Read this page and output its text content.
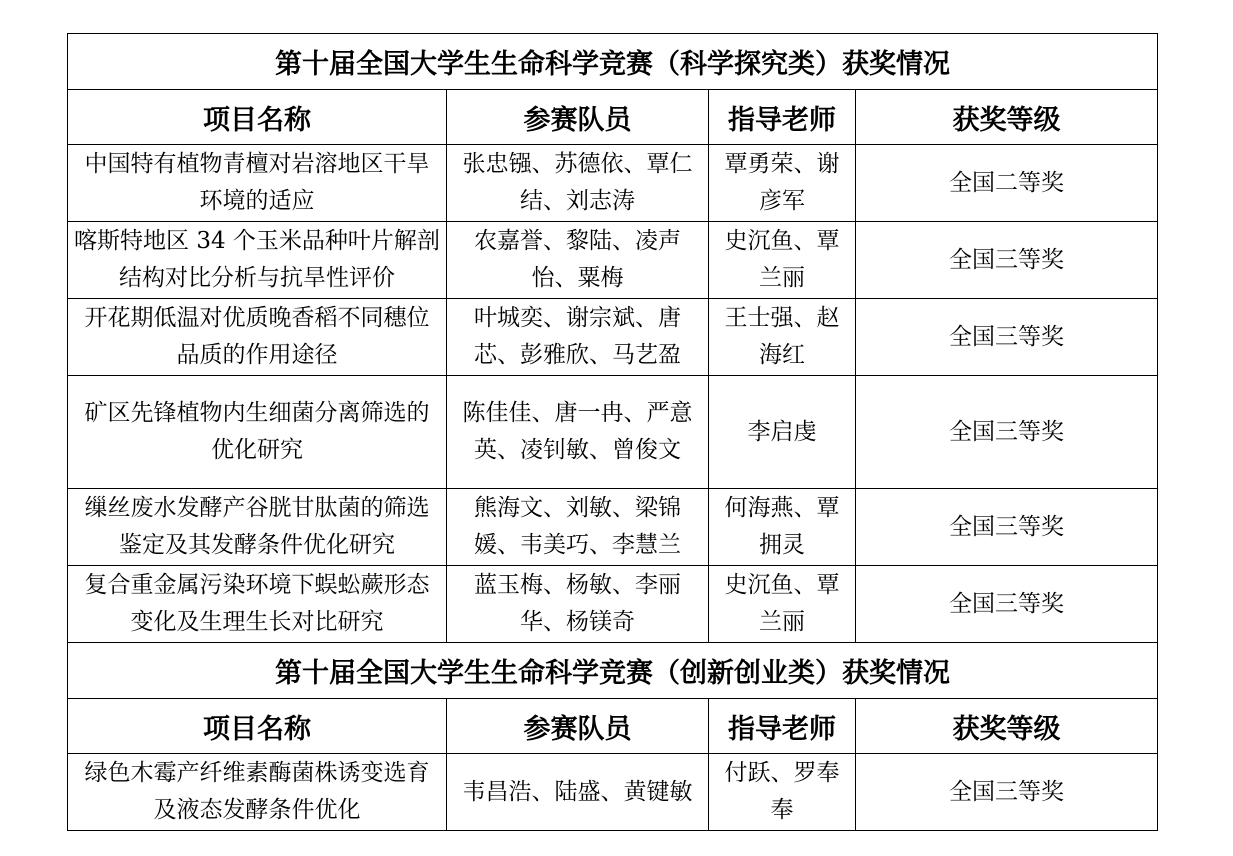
第十届全国大学生生命科学竞赛（科学探究类）获奖情况			
项目名称	参赛队员	指导老师	获奖等级
中国特有植物青檀对岩溶地区干旱环境的适应	张忠镪、苏德依、覃仁结、刘志涛	覃勇荣、谢彦军	全国二等奖
喀斯特地区 34 个玉米品种叶片解剖结构对比分析与抗旱性评价	农嘉誉、黎陆、凌声怡、粟梅	史沉鱼、覃兰丽	全国三等奖
开花期低温对优质晚香稻不同穗位品质的作用途径	叶城奕、谢宗斌、唐芯、彭雅欣、马艺盈	王士强、赵海红	全国三等奖
矿区先锋植物内生细菌分离筛选的优化研究	陈佳佳、唐一冉、严意英、凌钊敏、曾俊文	李启虔	全国三等奖
缫丝废水发酵产谷胱甘肽菌的筛选鉴定及其发酵条件优化研究	熊海文、刘敏、梁锦媛、韦美巧、李慧兰	何海燕、覃拥灵	全国三等奖
复合重金属污染环境下蜈蚣蕨形态变化及生理生长对比研究	蓝玉梅、杨敏、李丽华、杨镁奇	史沉鱼、覃兰丽	全国三等奖
第十届全国大学生生命科学竞赛（创新创业类）获奖情况			
项目名称	参赛队员	指导老师	获奖等级
绿色木霉产纤维素酶菌株诱变选育及液态发酵条件优化	韦昌浩、陆盛、黄键敏	付跃、罗奉奉	全国三等奖
